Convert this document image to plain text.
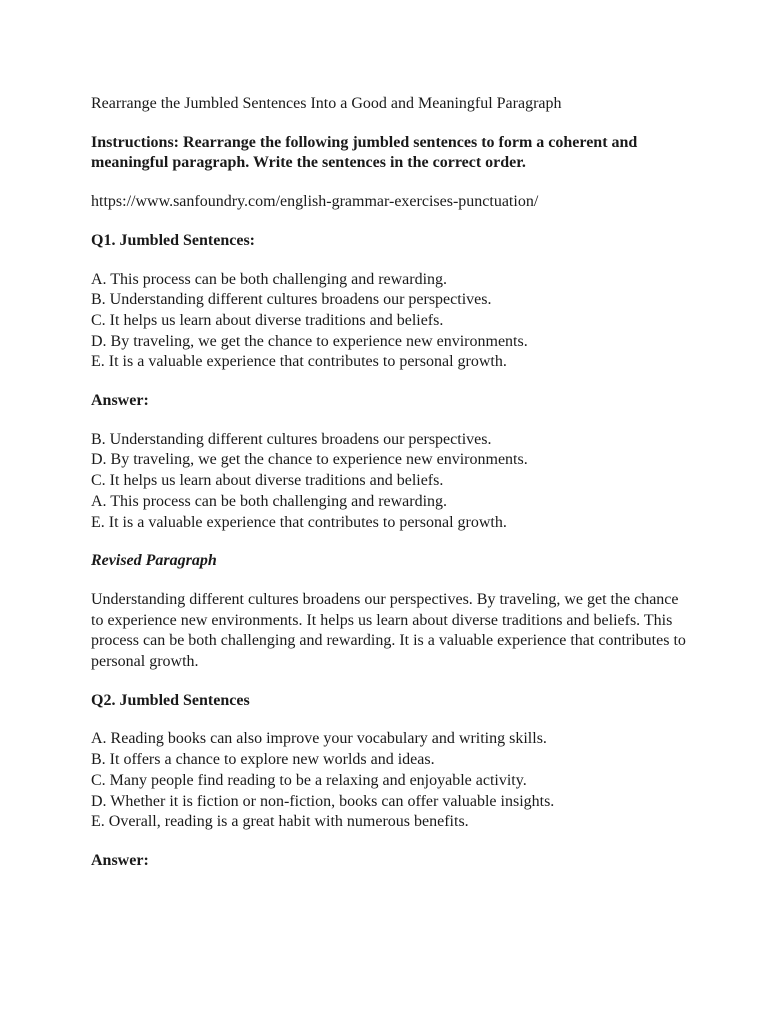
Rearrange the Jumbled Sentences Into a Good and Meaningful Paragraph

Instructions: Rearrange the following jumbled sentences to form a coherent and meaningful paragraph. Write the sentences in the correct order.

https://www.sanfoundry.com/english-grammar-exercises-punctuation/

Q1. Jumbled Sentences:

A. This process can be both challenging and rewarding.
B. Understanding different cultures broadens our perspectives.
C. It helps us learn about diverse traditions and beliefs.
D. By traveling, we get the chance to experience new environments.
E. It is a valuable experience that contributes to personal growth.

Answer:

B. Understanding different cultures broadens our perspectives.
D. By traveling, we get the chance to experience new environments.
C. It helps us learn about diverse traditions and beliefs.
A. This process can be both challenging and rewarding.
E. It is a valuable experience that contributes to personal growth.

Revised Paragraph

Understanding different cultures broadens our perspectives. By traveling, we get the chance to experience new environments. It helps us learn about diverse traditions and beliefs. This process can be both challenging and rewarding. It is a valuable experience that contributes to personal growth.

Q2. Jumbled Sentences

A. Reading books can also improve your vocabulary and writing skills.
B. It offers a chance to explore new worlds and ideas.
C. Many people find reading to be a relaxing and enjoyable activity.
D. Whether it is fiction or non-fiction, books can offer valuable insights.
E. Overall, reading is a great habit with numerous benefits.

Answer:
